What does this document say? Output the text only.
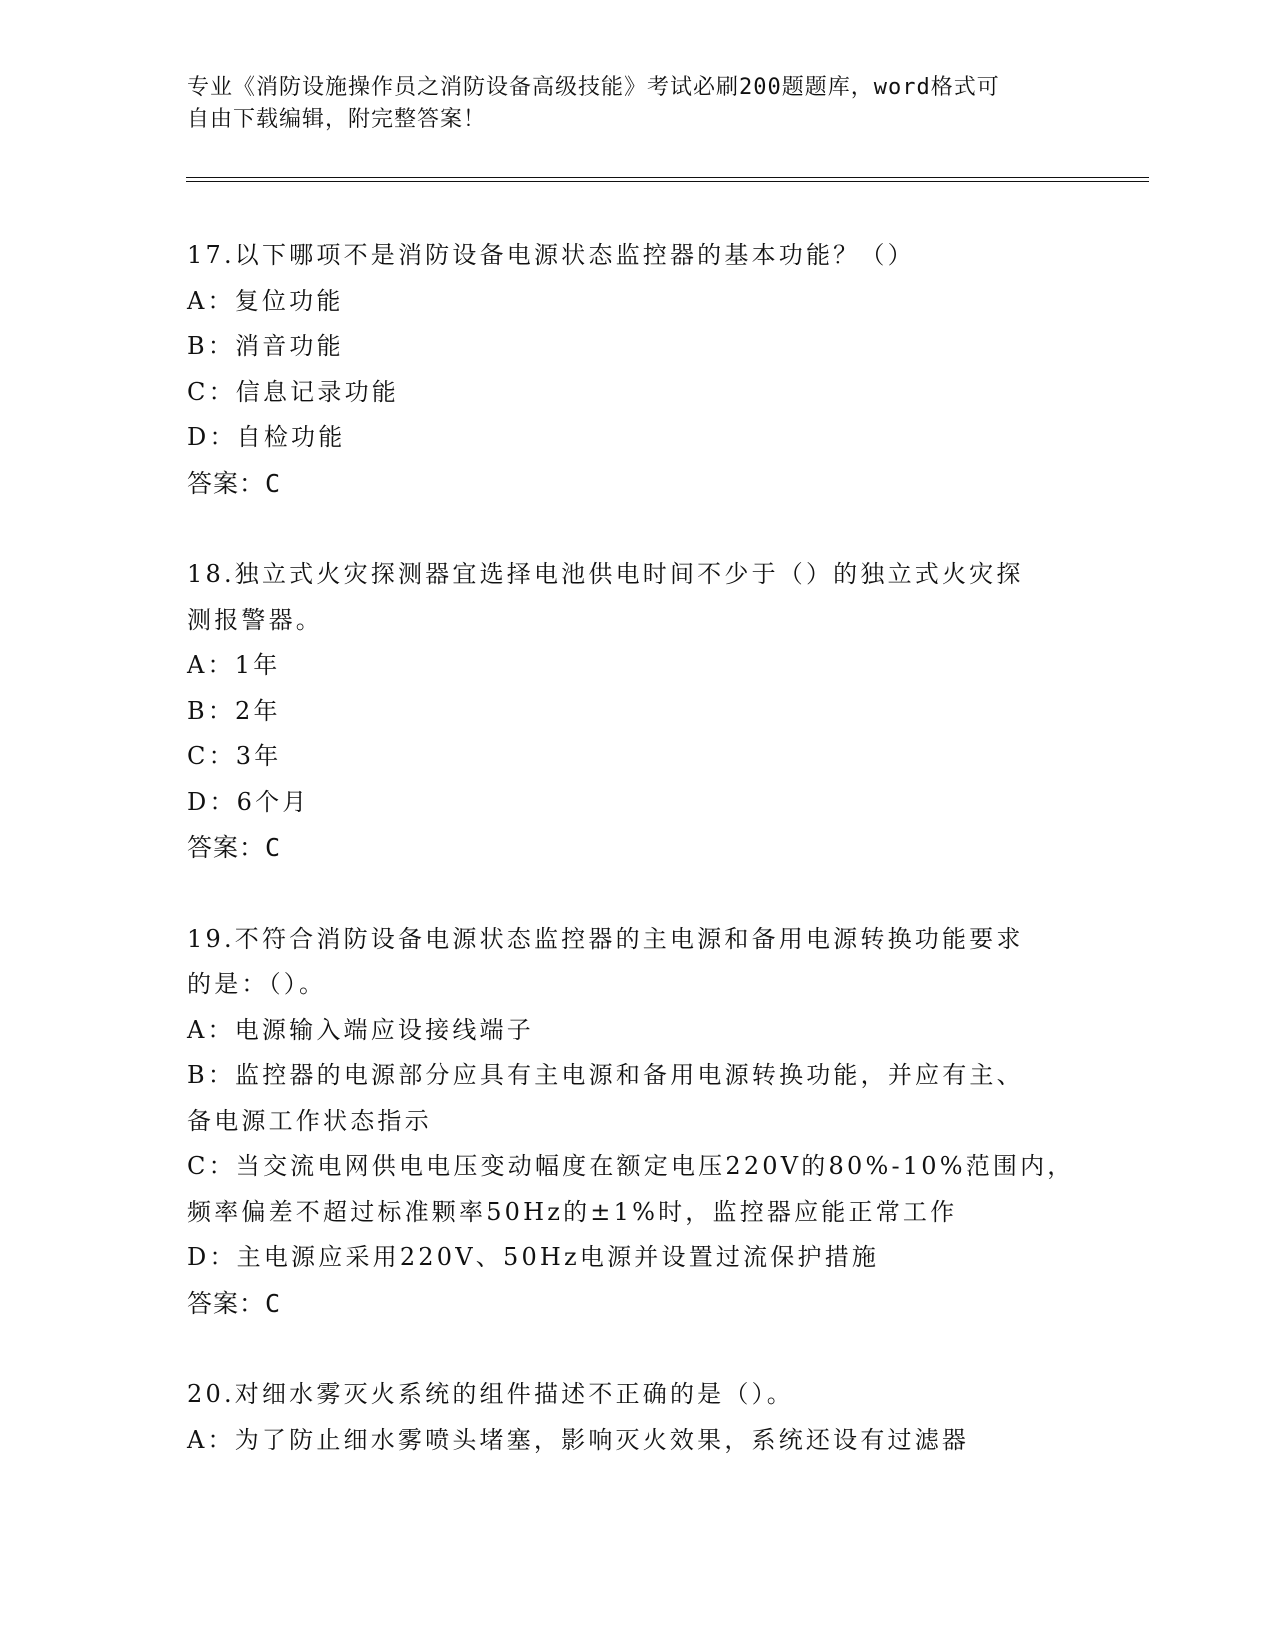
专业《消防设施操作员之消防设备高级技能》考试必刷200题题库，word格式可
自由下载编辑，附完整答案！
17.以下哪项不是消防设备电源状态监控器的基本功能？（）
A：复位功能
B：消音功能
C：信息记录功能
D：自检功能
答案：C
18.独立式火灾探测器宜选择电池供电时间不少于（）的独立式火灾探
测报警器。
A：1年
B：2年
C：3年
D：6个月
答案：C
19.不符合消防设备电源状态监控器的主电源和备用电源转换功能要求
的是：（）。
A：电源输入端应设接线端子
B：监控器的电源部分应具有主电源和备用电源转换功能，并应有主、
备电源工作状态指示
C：当交流电网供电电压变动幅度在额定电压220V的80%-10%范围内，
频率偏差不超过标准颗率50Hz的±1%时，监控器应能正常工作
D：主电源应采用220V、50Hz电源并设置过流保护措施
答案：C
20.对细水雾灭火系统的组件描述不正确的是（）。
A：为了防止细水雾喷头堵塞，影响灭火效果，系统还设有过滤器
